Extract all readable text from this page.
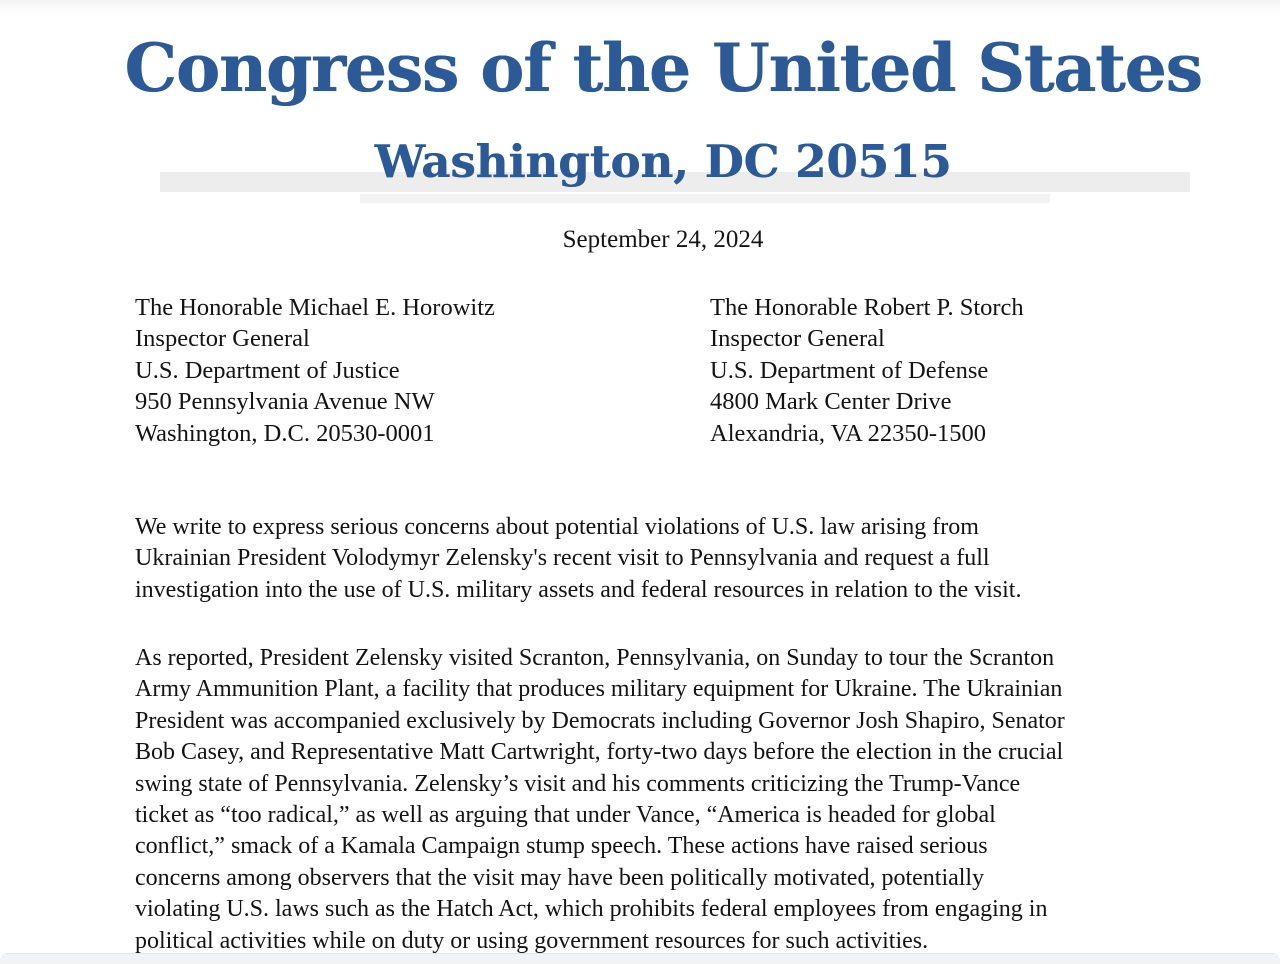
Congress of the United States
Washington, DC 20515
September 24, 2024
The Honorable Michael E. Horowitz
Inspector General
U.S. Department of Justice
950 Pennsylvania Avenue NW
Washington, D.C. 20530-0001
The Honorable Robert P. Storch
Inspector General
U.S. Department of Defense
4800 Mark Center Drive
Alexandria, VA 22350-1500

We write to express serious concerns about potential violations of U.S. law arising from
Ukrainian President Volodymyr Zelensky's recent visit to Pennsylvania and request a full
investigation into the use of U.S. military assets and federal resources in relation to the visit.

As reported, President Zelensky visited Scranton, Pennsylvania, on Sunday to tour the Scranton
Army Ammunition Plant, a facility that produces military equipment for Ukraine. The Ukrainian
President was accompanied exclusively by Democrats including Governor Josh Shapiro, Senator
Bob Casey, and Representative Matt Cartwright, forty-two days before the election in the crucial
swing state of Pennsylvania. Zelensky’s visit and his comments criticizing the Trump-Vance
ticket as “too radical,” as well as arguing that under Vance, “America is headed for global
conflict,” smack of a Kamala Campaign stump speech. These actions have raised serious
concerns among observers that the visit may have been politically motivated, potentially
violating U.S. laws such as the Hatch Act, which prohibits federal employees from engaging in
political activities while on duty or using government resources for such activities.
